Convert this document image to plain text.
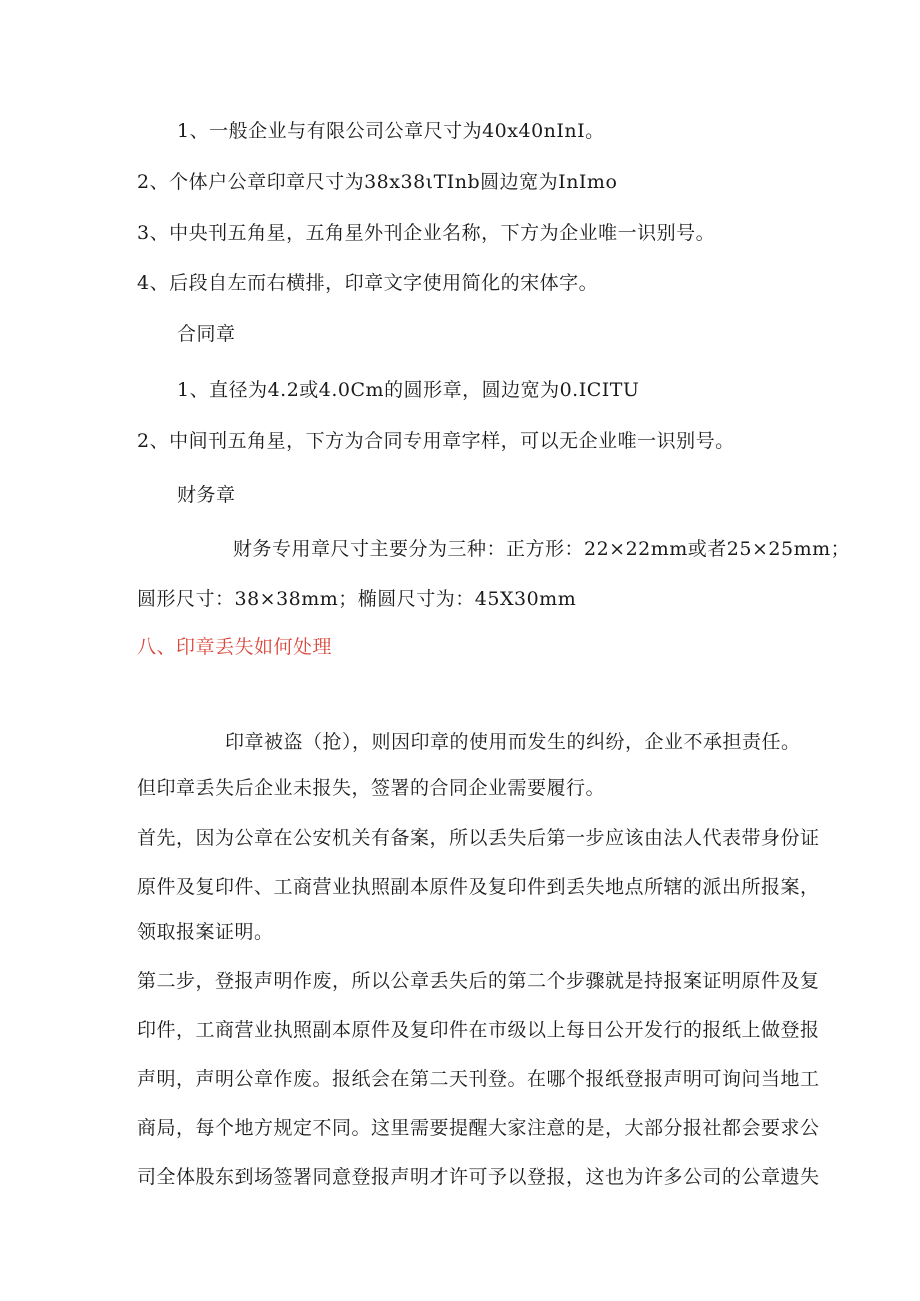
1、一般企业与有限公司公章尺寸为40x40nInI。
2、个体户公章印章尺寸为38x38ιTInb圆边宽为InImo
3、中央刊五角星，五角星外刊企业名称，下方为企业唯一识别号。
4、后段自左而右横排，印章文字使用简化的宋体字。
合同章
1、直径为4.2或4.0Cm的圆形章，圆边宽为0.ICITU
2、中间刊五角星，下方为合同专用章字样，可以无企业唯一识别号。
财务章
财务专用章尺寸主要分为三种：正方形：22×22mm或者25×25mm；
圆形尺寸：38×38mm；椭圆尺寸为：45X30mm
八、印章丢失如何处理
印章被盗（抢），则因印章的使用而发生的纠纷，企业不承担责任。
但印章丢失后企业未报失，签署的合同企业需要履行。
首先，因为公章在公安机关有备案，所以丢失后第一步应该由法人代表带身份证
原件及复印件、工商营业执照副本原件及复印件到丢失地点所辖的派出所报案，
领取报案证明。
第二步，登报声明作废，所以公章丢失后的第二个步骤就是持报案证明原件及复
印件，工商营业执照副本原件及复印件在市级以上每日公开发行的报纸上做登报
声明，声明公章作废。报纸会在第二天刊登。在哪个报纸登报声明可询问当地工
商局，每个地方规定不同。这里需要提醒大家注意的是，大部分报社都会要求公
司全体股东到场签署同意登报声明才许可予以登报，这也为许多公司的公章遗失
